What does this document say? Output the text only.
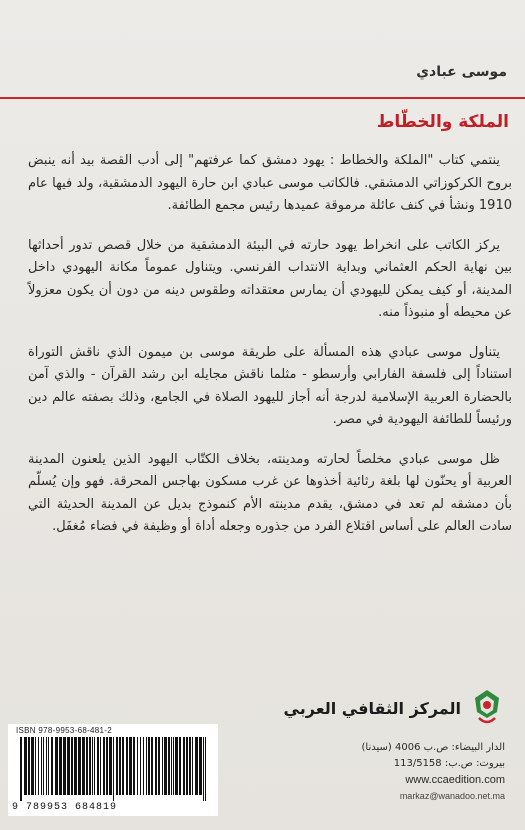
موسى عبادي
الملكة والخطّاط

ينتمي كتاب "الملكة والخطاط : يهود دمشق كما عرفتهم" إلى أدب القصة بيد أنه ينبض بروح الكركوزاتي الدمشقي. فالكاتب موسى عبادي ابن حارة اليهود الدمشقية، ولد فيها عام 1910 ونشأ في كنف عائلة مرموقة عميدها رئيس مجمع الطائفة.

يركز الكاتب على انخراط يهود حارته في البيئة الدمشقية من خلال قصص تدور أحداثها بين نهاية الحكم العثماني وبداية الانتداب الفرنسي. ويتناول عموماً مكانة اليهودي داخل المدينة، أو كيف يمكن لليهودي أن يمارس معتقداته وطقوس دينه من دون أن يكون معزولاً عن محيطه أو منبوذاً منه.

يتناول موسى عبادي هذه المسألة على طريقة موسى بن ميمون الذي ناقش التوراة استناداً إلى فلسفة الفارابي وأرسطو - مثلما ناقش مجايله ابن رشد القرآن - والذي آمن بالحضارة العربية الإسلامية لدرجة أنه أجاز لليهود الصلاة في الجامع، وذلك بصفته عالم دين ورئيساً للطائفة اليهودية في مصر.

ظل موسى عبادي مخلصاً لحارته ومدينته، بخلاف الكتّاب اليهود الذين يلعنون المدينة العربية أو يحنّون لها بلغة رثائية أخذوها عن غرب مسكون بهاجس المحرقة. فهو وإن يُسلّم بأن دمشقه لم تعد في دمشق، يقدم مدينته الأم كنموذج بديل عن المدينة الحديثة التي سادت العالم على أساس اقتلاع الفرد من جذوره وجعله أداة أو وظيفة في فضاء مُغفَل.

المركز الثقافي العربي
الدار البيضاء: ص.ب 4006 (سيدنا)
بيروت: ص.ب: 113/5158
www.ccaedition.com
markaz@wanadoo.net.ma
ISBN 978-9953-68-481-2
9 789953 684819
